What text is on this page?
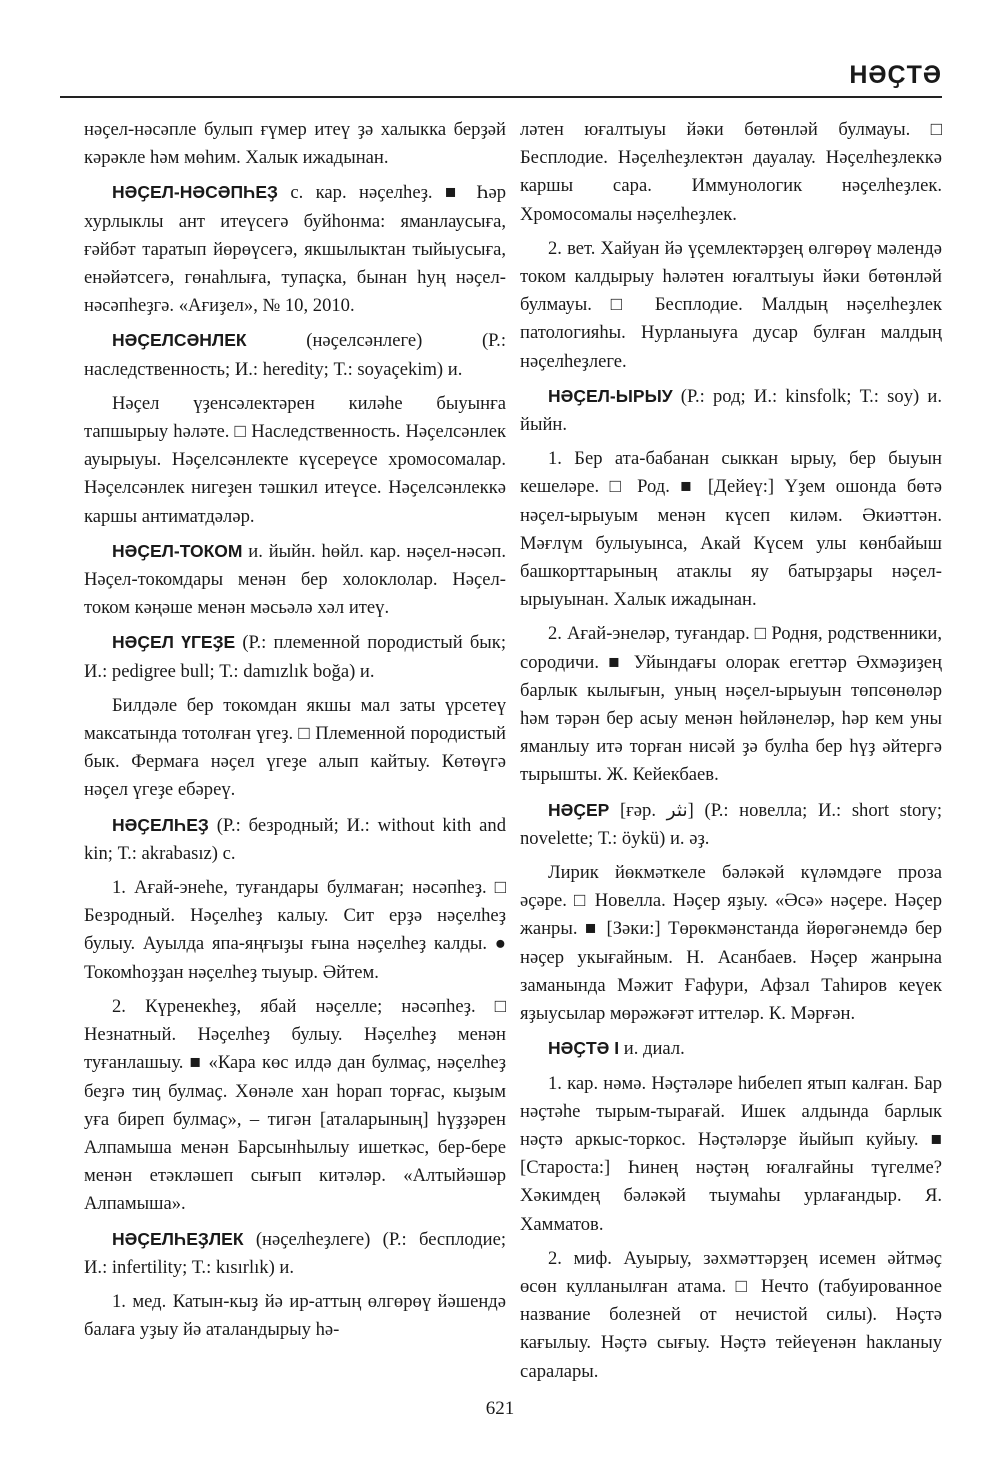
НӘҪТӘ

нәҫел-нәсәпле булып ғүмер итеү ҙә халыкка берҙәй кәрәкле һәм мөһим. Халык ижадынан.

НӘҪЕЛ-НӘСӘПҺЕҘ с. кар. нәҫелһеҙ. ■ Һәр хурлыклы ант итеүсегә буйһонма: яманлаусыға, ғәйбәт таратып йөрөүсегә, якшылыктан тыйыусыға, енәйәтсегә, гөнаһлыға, тупаҫка, бынан һуң нәҫел-нәсәпһеҙгә. «Ағиҙел», № 10, 2010.

НӘҪЕЛСӘНЛЕК (нәҫелсәнлеге) (Р.: наследственность; И.: heredity; Т.: soyaçekim) и.

Нәҫел үҙенсәлектәрен киләһе быуынға тапшырыу һәләте. □ Наследственность. Нәҫелсәнлек ауырыуы. Нәҫелсәнлекте күсереүсе хромосомалар. Нәҫелсәнлек нигеҙен тәшкил итеүсе. Нәҫелсәнлеккә каршы антиматдәләр.

НӘҪЕЛ-ТОКОМ и. йыйн. һөйл. кар. нәҫел-нәсәп. Нәҫел-токомдары менән бер холоклолар. Нәҫел-током кәңәше менән мәсьәлә хәл итеү.

НӘҪЕЛ ҮГЕҘЕ (Р.: племенной породистый бык; И.: pedigree bull; Т.: damızlık boğa) и.

Билдәле бер токомдан якшы мал заты үрсетеү максатында тотолған үгеҙ. □ Племенной породистый бык. Фермаға нәҫел үгеҙе алып кайтыу. Көтөүгә нәҫел үгеҙе ебәреү.

НӘҪЕЛҺЕҘ (Р.: безродный; И.: without kith and kin; Т.: akrabasız) с.

1. Ағай-энеһе, туғандары булмаған; нәсәпһеҙ. □ Безродный. Нәҫелһеҙ калыу. Сит ерҙә нәҫелһеҙ булыу. Ауылда япа-яңғыҙы ғына нәҫелһеҙ калды. ● Токомһоҙҙан нәҫелһеҙ тыуыр. Әйтем.

2. Күренекһеҙ, ябай нәҫелле; нәсәпһеҙ. □ Незнатный. Нәҫелһеҙ булыу. Нәҫелһеҙ менән туғанлашыу. ■ «Кара көс илдә дан булмаҫ, нәҫелһеҙ беҙгә тиң булмаҫ. Хөнәле хан һорап торғас, кыҙым уға биреп булмаҫ», – тигән [аталарының] һүҙҙәрен Алпамыша менән Барсынһылыу ишеткәс, бер-бере менән етәкләшеп сығып китәләр. «Алтыйәшәр Алпамыша».

НӘҪЕЛҺЕҘЛЕК (нәҫелһеҙлеге) (Р.: бесплодие; И.: infertility; Т.: kısırlık) и.

1. мед. Катын-кыҙ йә ир-аттың өлгөрөү йәшендә балаға уҙыу йә аталандырыу һә-

ләтен юғалтыуы йәки бөтөнләй булмауы. □ Бесплодие. Нәҫелһеҙлектән дауалау. Нәҫелһеҙлеккә каршы сара. Иммунологик нәҫелһеҙлек. Хромосомалы нәҫелһеҙлек.

2. вет. Хайуан йә үҫемлектәрҙең өлгөрөү мәлендә током калдырыу һәләтен юғалтыуы йәки бөтөнләй булмауы. □ Бесплодие. Малдың нәҫелһеҙлек патологияһы. Нурланыуға дусар булған малдың нәҫелһеҙлеге.

НӘҪЕЛ-ЫРЫУ (Р.: род; И.: kinsfolk; Т.: soy) и. йыйн.

1. Бер ата-бабанан сыккан ырыу, бер быуын кешеләре. □ Род. ■ [Дейеү:] Үҙем ошонда бөтә нәҫел-ырыуым менән күсеп киләм. Әкиәттән. Мәғлүм булыуынса, Акай Күсем улы көнбайыш башкорттарының атаклы яу батырҙары нәҫел-ырыуынан. Халык ижадынан.

2. Ағай-энеләр, туғандар. □ Родня, родственники, сородичи. ■ Уйындағы олорак егеттәр Әхмәҙиҙең барлык кылығын, уның нәҫел-ырыуын төпсөнөләр һәм тәрән бер асыу менән һөйләнеләр, һәр кем уны яманлыу итә торған нисәй ҙә булһа бер һүҙ әйтергә тырышты. Ж. Кейекбаев.

НӘҪЕР [ғәр. نثر] (Р.: новелла; И.: short story; novelette; Т.: öykü) и. әҙ.

Лирик йөкмәткеле бәләкәй күләмдәге проза әҫәре. □ Новелла. Нәҫер яҙыу. «Әсә» нәҫере. Нәҫер жанры. ■ [Зәки:] Төрөкмәнстанда йөрөгәнемдә бер нәҫер укығайным. Н. Асанбаев. Нәҫер жанрына заманында Мәжит Ғафури, Афзал Таһиров кеүек яҙыусылар мөрәжәғәт иттеләр. К. Мәрғән.

НӘҪТӘ I и. диал.

1. кар. нәмә. Нәҫтәләре һибелеп ятып калған. Бар нәҫтәһе тырым-тырағай. Ишек алдында барлык нәҫтә аркыс-торкос. Нәҫтәләрҙе йыйып куйыу. ■ [Староста:] Һинең нәҫтәң юғалғайны түгелме? Хәкимдең бәләкәй тыумаһы урлағандыр. Я. Хамматов.

2. миф. Ауырыу, зәхмәттәрҙең исемен әйтмәҫ өсөн кулланылған атама. □ Нечто (табуированное название болезней от нечистой силы). Нәҫтә кағылыу. Нәҫтә сығыу. Нәҫтә тейеүенән һакланыу саралары.

621
